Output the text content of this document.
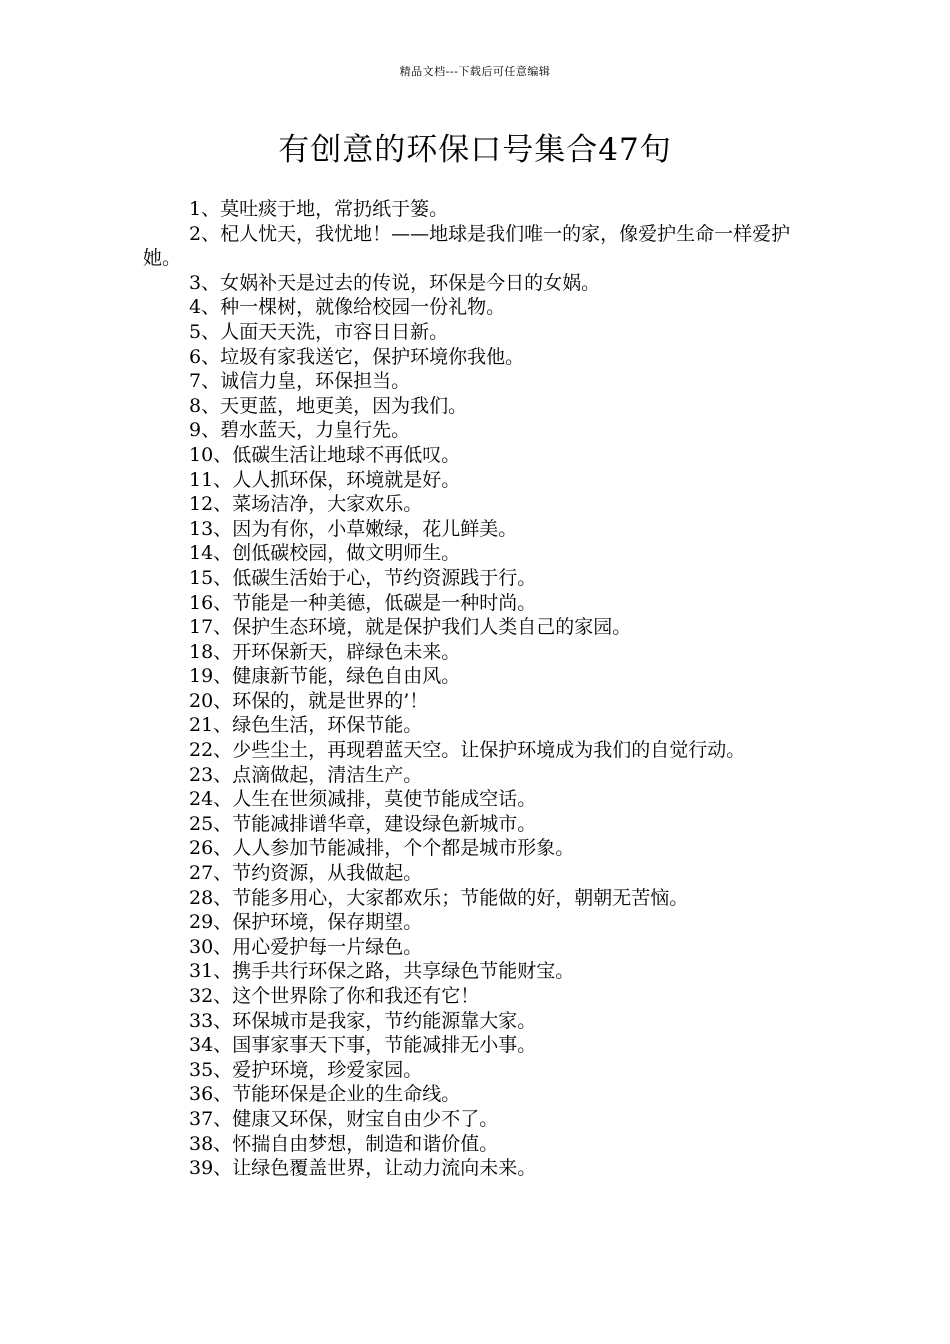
精品文档---下载后可任意编辑
有创意的环保口号集合47句
1、莫吐痰于地，常扔纸于篓。
2、杞人忧天，我忧地！——地球是我们唯一的家，像爱护生命一样爱护她。
3、女娲补天是过去的传说，环保是今日的女娲。
4、种一棵树，就像给校园一份礼物。
5、人面天天洗，市容日日新。
6、垃圾有家我送它，保护环境你我他。
7、诚信力皇，环保担当。
8、天更蓝，地更美，因为我们。
9、碧水蓝天，力皇行先。
10、低碳生活让地球不再低叹。
11、人人抓环保，环境就是好。
12、菜场洁净，大家欢乐。
13、因为有你，小草嫩绿，花儿鲜美。
14、创低碳校园，做文明师生。
15、低碳生活始于心，节约资源践于行。
16、节能是一种美德，低碳是一种时尚。
17、保护生态环境，就是保护我们人类自己的家园。
18、开环保新天，辟绿色未来。
19、健康新节能，绿色自由风。
20、环保的，就是世界的’！
21、绿色生活，环保节能。
22、少些尘土，再现碧蓝天空。让保护环境成为我们的自觉行动。
23、点滴做起，清洁生产。
24、人生在世须减排，莫使节能成空话。
25、节能减排谱华章，建设绿色新城市。
26、人人参加节能减排，个个都是城市形象。
27、节约资源，从我做起。
28、节能多用心，大家都欢乐；节能做的好，朝朝无苦恼。
29、保护环境，保存期望。
30、用心爱护每一片绿色。
31、携手共行环保之路，共享绿色节能财宝。
32、这个世界除了你和我还有它！
33、环保城市是我家，节约能源靠大家。
34、国事家事天下事，节能减排无小事。
35、爱护环境，珍爱家园。
36、节能环保是企业的生命线。
37、健康又环保，财宝自由少不了。
38、怀揣自由梦想，制造和谐价值。
39、让绿色覆盖世界，让动力流向未来。
